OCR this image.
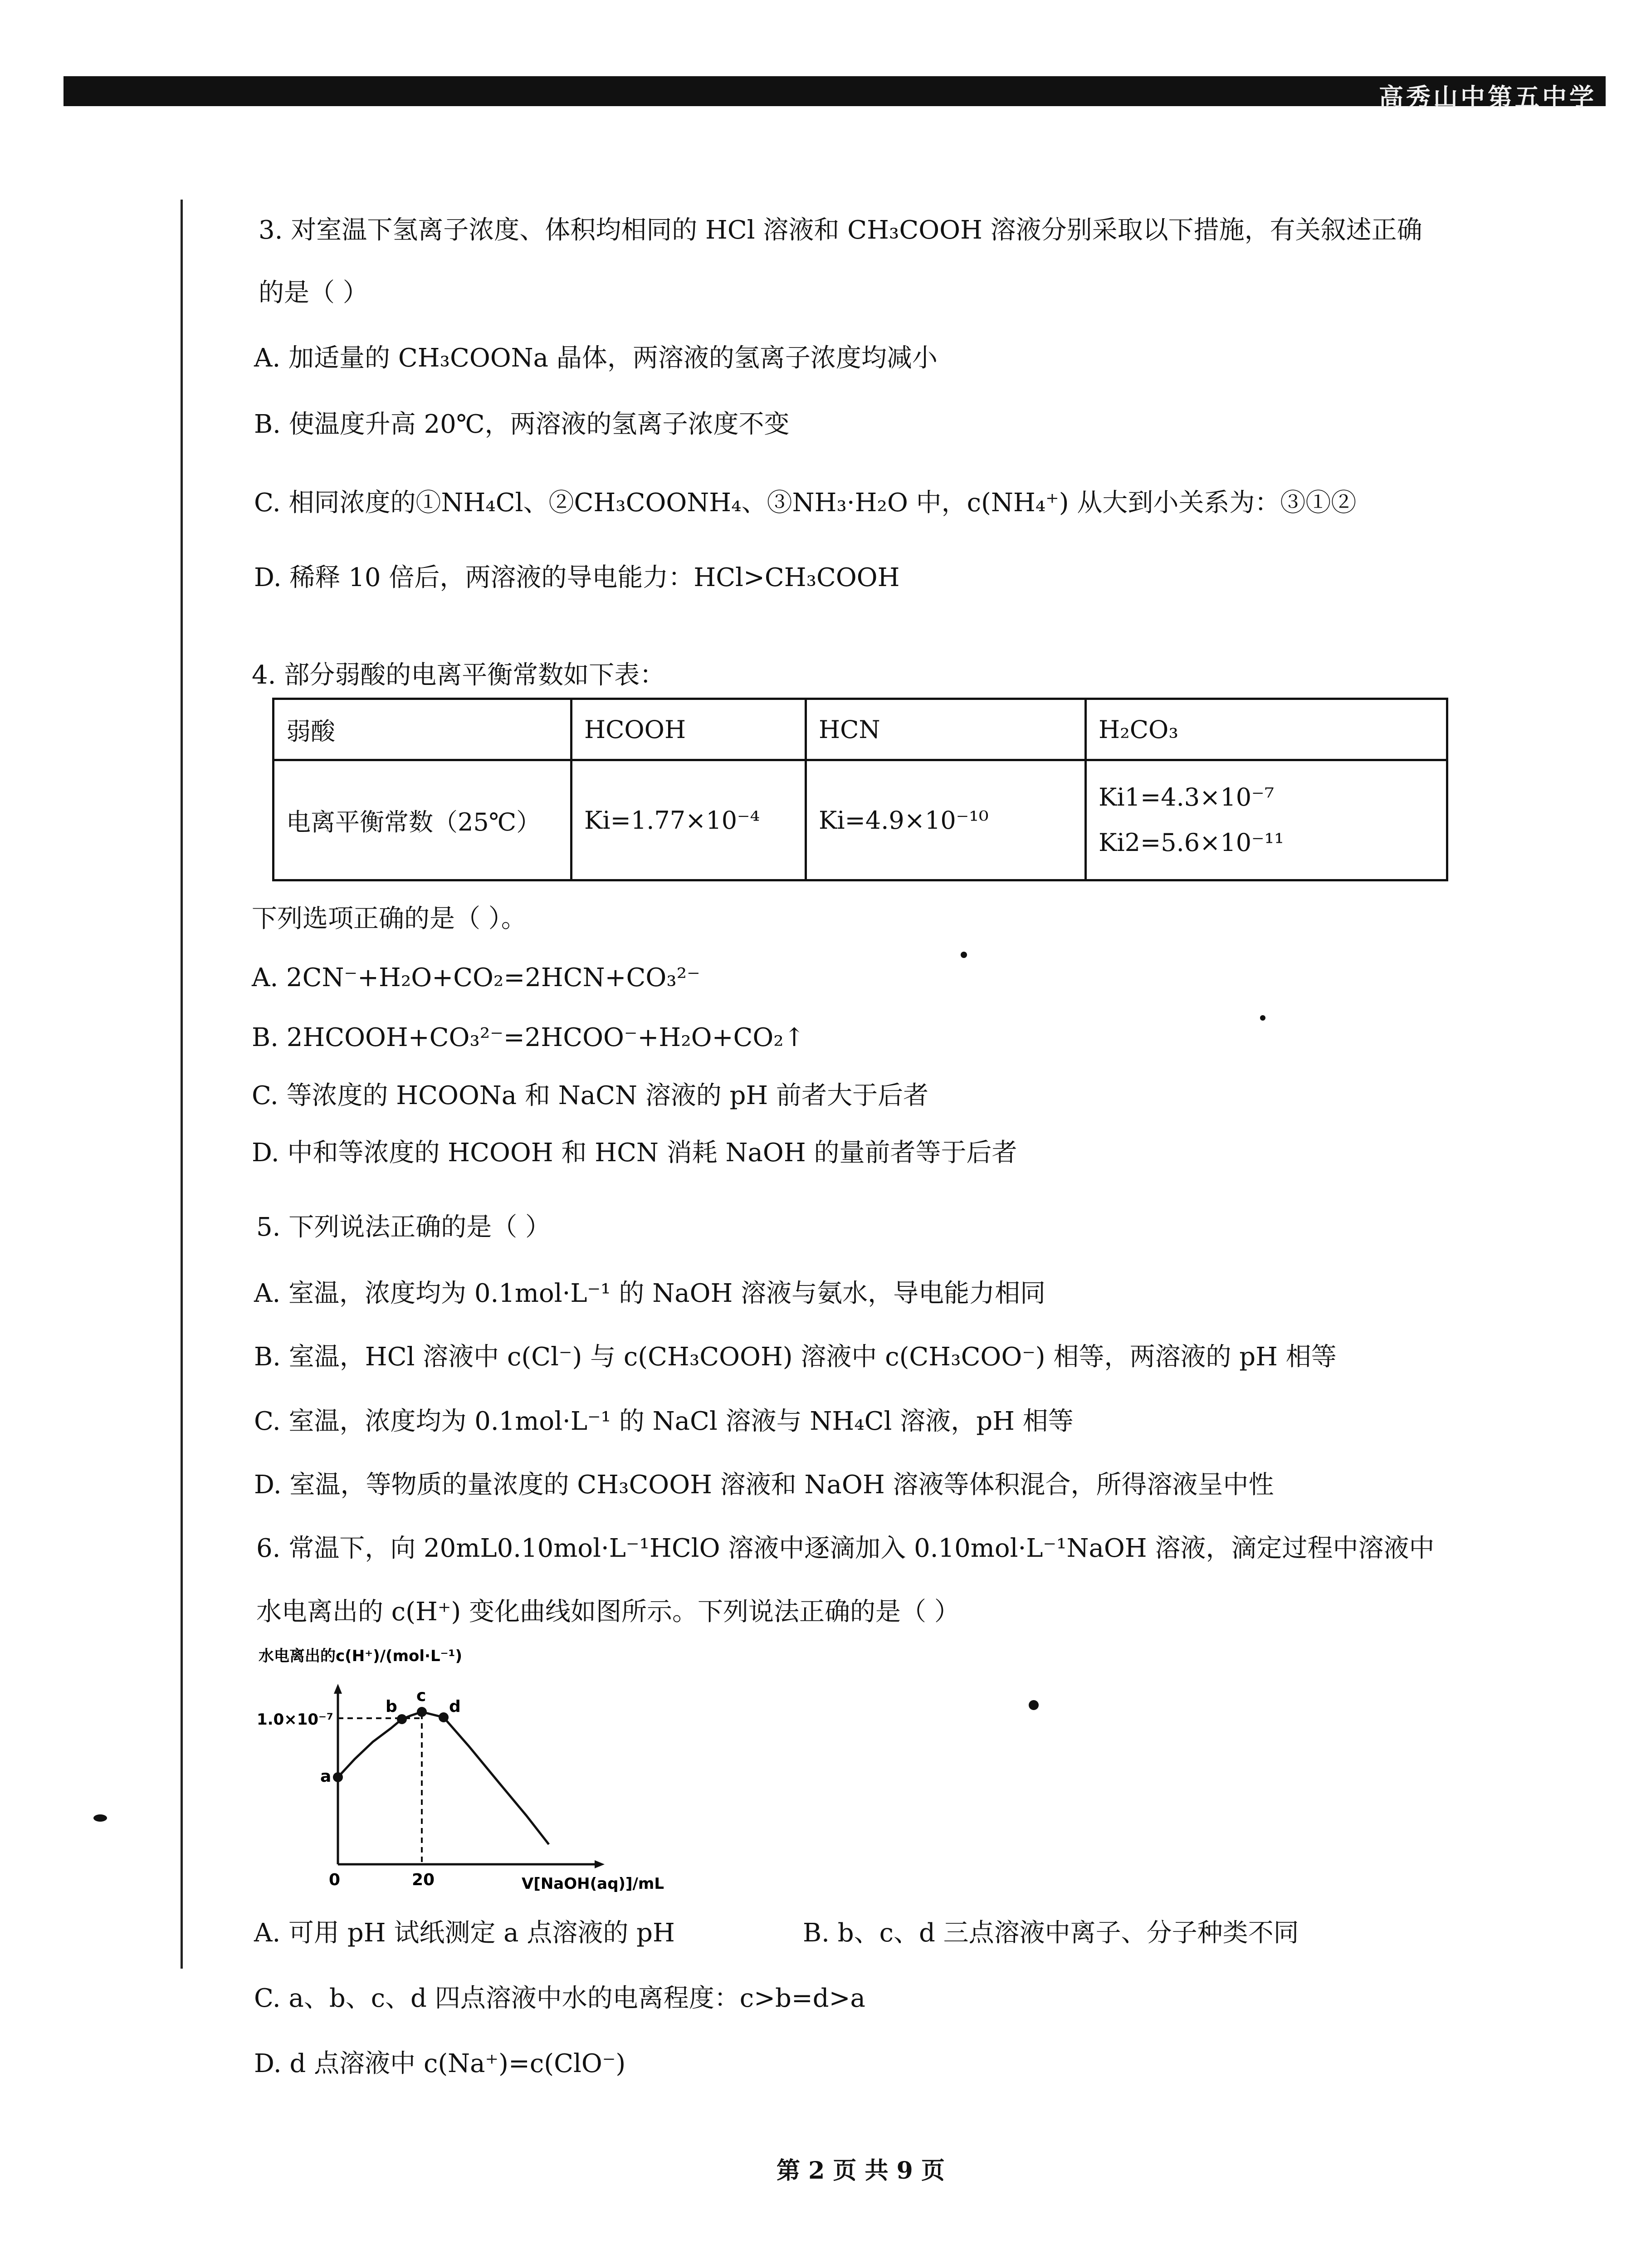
高秀山中第五中学
3. 对室温下氢离子浓度、体积均相同的 HCl 溶液和 CH₃COOH 溶液分别采取以下措施，有关叙述正确
的是（ ）
A. 加适量的 CH₃COONa 晶体，两溶液的氢离子浓度均减小
B. 使温度升高 20℃，两溶液的氢离子浓度不变
C. 相同浓度的①NH₄Cl、②CH₃COONH₄、③NH₃·H₂O 中，c(NH₄⁺) 从大到小关系为：③①②
D. 稀释 10 倍后，两溶液的导电能力：HCl>CH₃COOH
4. 部分弱酸的电离平衡常数如下表：
弱酸	HCOOH	HCN	H₂CO₃
电离平衡常数（25℃）	Ki=1.77×10⁻⁴	Ki=4.9×10⁻¹⁰	Ki1=4.3×10⁻⁷
Ki2=5.6×10⁻¹¹
下列选项正确的是（ ）。
A. 2CN⁻+H₂O+CO₂=2HCN+CO₃²⁻
B. 2HCOOH+CO₃²⁻=2HCOO⁻+H₂O+CO₂↑
C. 等浓度的 HCOONa 和 NaCN 溶液的 pH 前者大于后者
D. 中和等浓度的 HCOOH 和 HCN 消耗 NaOH 的量前者等于后者
5. 下列说法正确的是（ ）
A. 室温，浓度均为 0.1mol·L⁻¹ 的 NaOH 溶液与氨水，导电能力相同
B. 室温，HCl 溶液中 c(Cl⁻) 与 c(CH₃COOH) 溶液中 c(CH₃COO⁻) 相等，两溶液的 pH 相等
C. 室温，浓度均为 0.1mol·L⁻¹ 的 NaCl 溶液与 NH₄Cl 溶液，pH 相等
D. 室温，等物质的量浓度的 CH₃COOH 溶液和 NaOH 溶液等体积混合，所得溶液呈中性
6. 常温下，向 20mL0.10mol·L⁻¹HClO 溶液中逐滴加入 0.10mol·L⁻¹NaOH 溶液，滴定过程中溶液中
水电离出的 c(H⁺) 变化曲线如图所示。下列说法正确的是（ ）
水电离出的c(H⁺)/(mol·L⁻¹)
1.0×10⁻⁷
a
b
c
d
0	20	V[NaOH(aq)]/mL
A. 可用 pH 试纸测定 a 点溶液的 pH	B. b、c、d 三点溶液中离子、分子种类不同
C. a、b、c、d 四点溶液中水的电离程度：c>b=d>a
D. d 点溶液中 c(Na⁺)=c(ClO⁻)
第 2 页 共 9 页
